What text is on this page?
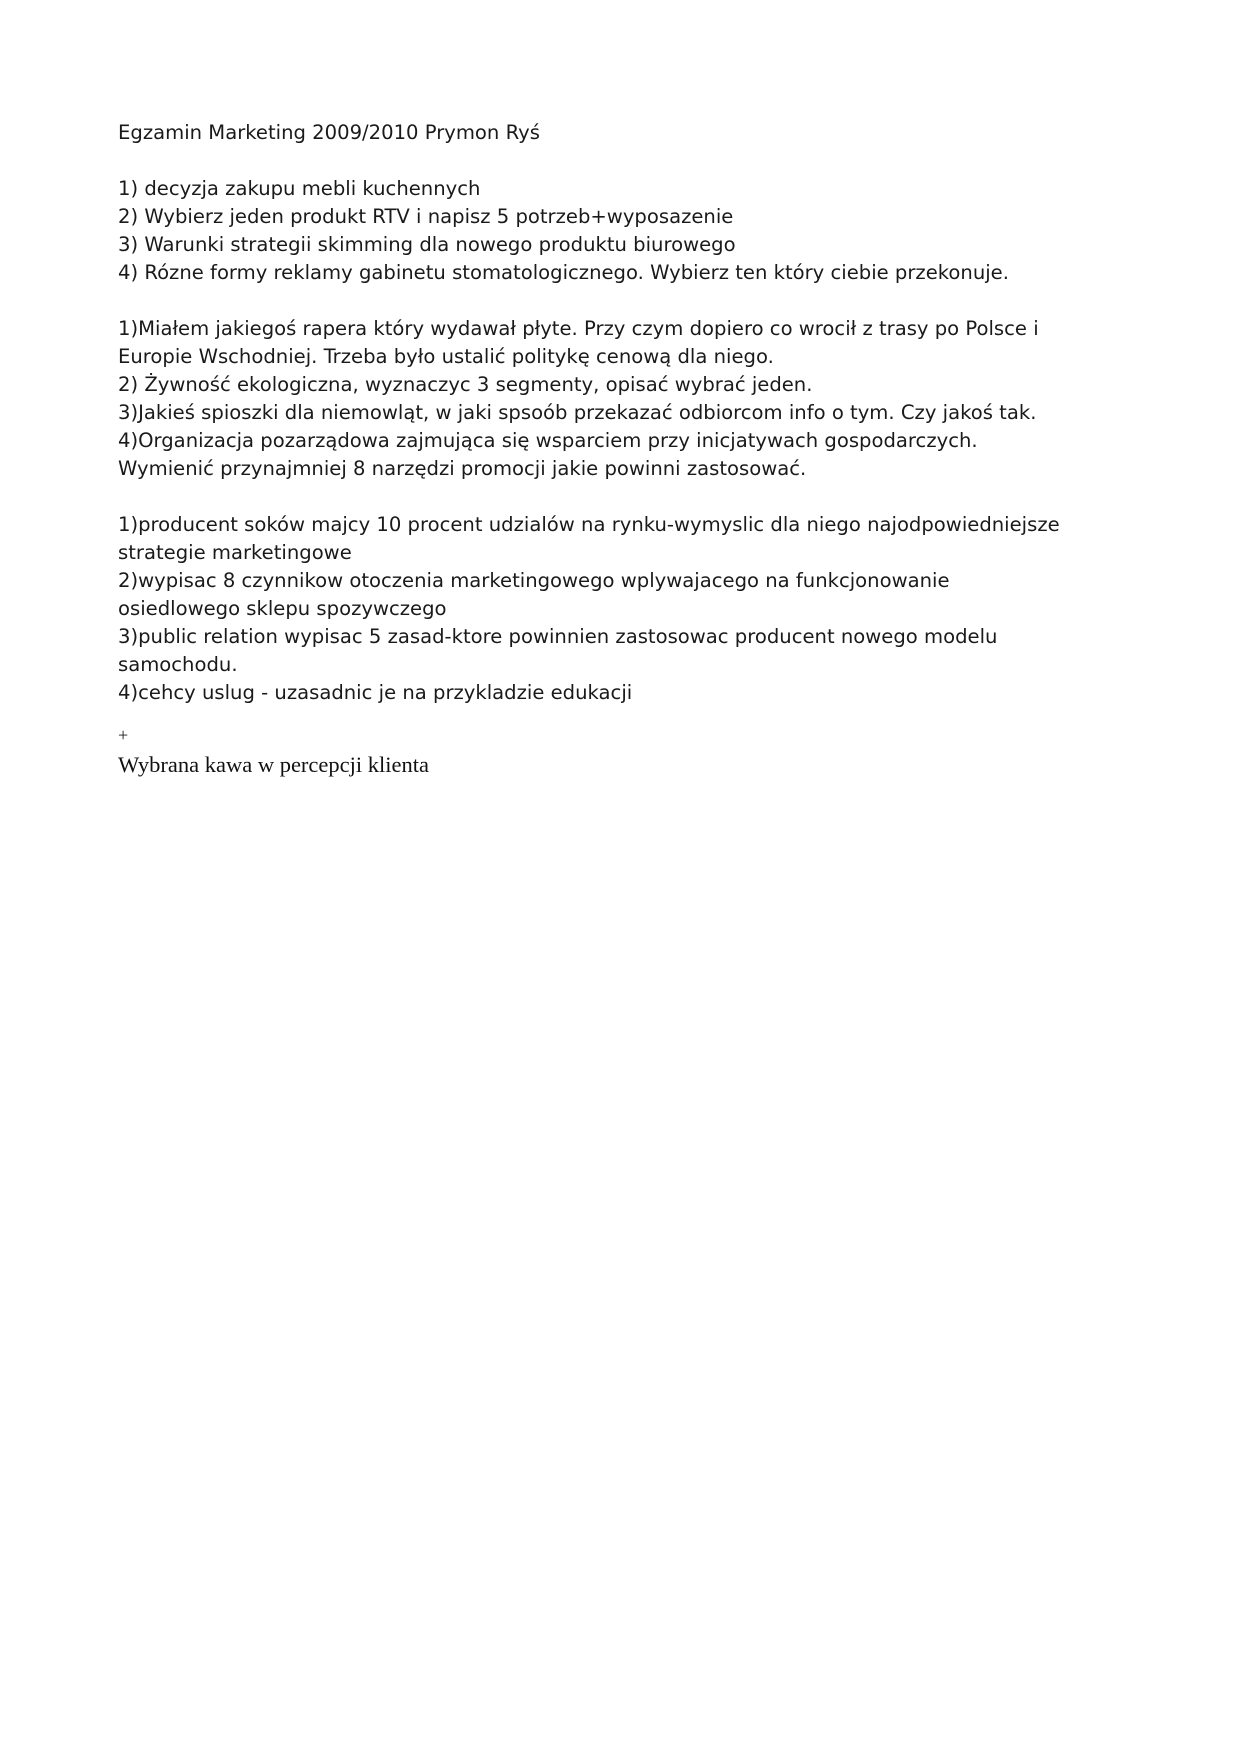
Egzamin Marketing 2009/2010 Prymon Ryś

1) decyzja zakupu mebli kuchennych

2) Wybierz jeden produkt RTV i napisz 5 potrzeb+wyposazenie

3) Warunki strategii skimming dla nowego produktu biurowego

4) Rózne formy reklamy gabinetu stomatologicznego. Wybierz ten który ciebie przekonuje.

1)Miałem jakiegoś rapera który wydawał płyte. Przy czym dopiero co wrocił z trasy po Polsce i

Europie Wschodniej. Trzeba było ustalić politykę cenową dla niego.

2) Żywność ekologiczna, wyznaczyc 3 segmenty, opisać wybrać jeden.

3)Jakieś spioszki dla niemowląt, w jaki spsoób przekazać odbiorcom info o tym. Czy jakoś tak.

4)Organizacja pozarządowa zajmująca się wsparciem przy inicjatywach gospodarczych.

Wymienić przynajmniej 8 narzędzi promocji jakie powinni zastosować.

1)producent soków majcy 10 procent udzialów na rynku-wymyslic dla niego najodpowiedniejsze

strategie marketingowe

2)wypisac 8 czynnikow otoczenia marketingowego wplywajacego na funkcjonowanie

osiedlowego sklepu spozywczego

3)public relation wypisac 5 zasad-ktore powinnien zastosowac producent nowego modelu

samochodu.

4)cehcy uslug - uzasadnic je na przykladzie edukacji

+

Wybrana kawa w percepcji klienta
